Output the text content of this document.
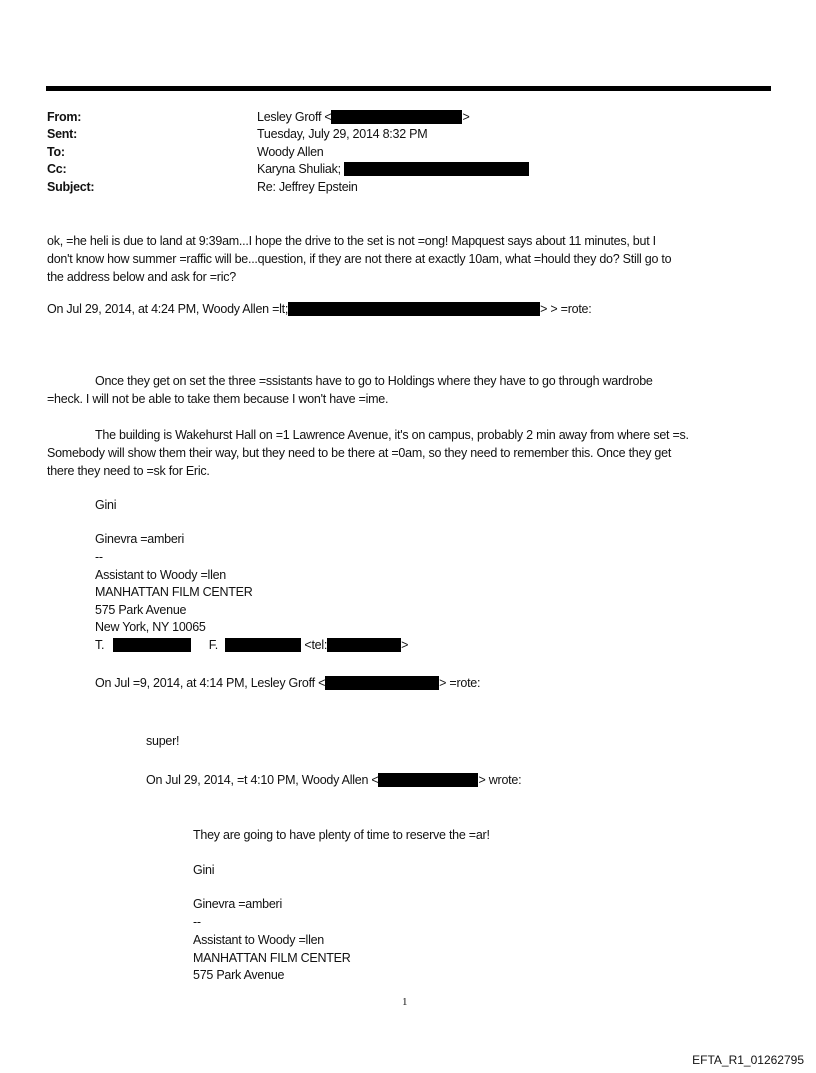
From:	Lesley Groff <	>
Sent:	Tuesday, July 29, 2014 8:32 PM
To:	Woody Allen
Cc:	Karyna Shuliak;
Subject:	Re: Jeffrey Epstein
ok, =he heli is due to land at 9:39am...I hope the drive to the set is not =ong! Mapquest says about 11 minutes, but I
don't know how summer =raffic will be...question, if they are not there at exactly 10am, what =hould they do? Still go to
the address below and ask for =ric?
On Jul 29, 2014, at 4:24 PM, Woody Allen =lt;	> > =rote:
Once they get on set the three =ssistants have to go to Holdings where they have to go through wardrobe
=heck. I will not be able to take them because I won't have =ime.
The building is Wakehurst Hall on =1 Lawrence Avenue, it's on campus, probably 2 min away from where set =s.
Somebody will show them their way, but they need to be there at =0am, so they need to remember this. Once they get
there they need to =sk for Eric.
Gini
Ginevra =amberi
--
Assistant to Woody =llen
MANHATTAN FILM CENTER
575 Park Avenue
New York, NY 10065
T.	F.	<tel:	>
On Jul =9, 2014, at 4:14 PM, Lesley Groff <	> =rote:
super!
On Jul 29, 2014, =t 4:10 PM, Woody Allen <	> wrote:
They are going to have plenty of time to reserve the =ar!
Gini
Ginevra =amberi
--
Assistant to Woody =llen
MANHATTAN FILM CENTER
575 Park Avenue
1
EFTA_R1_01262795
